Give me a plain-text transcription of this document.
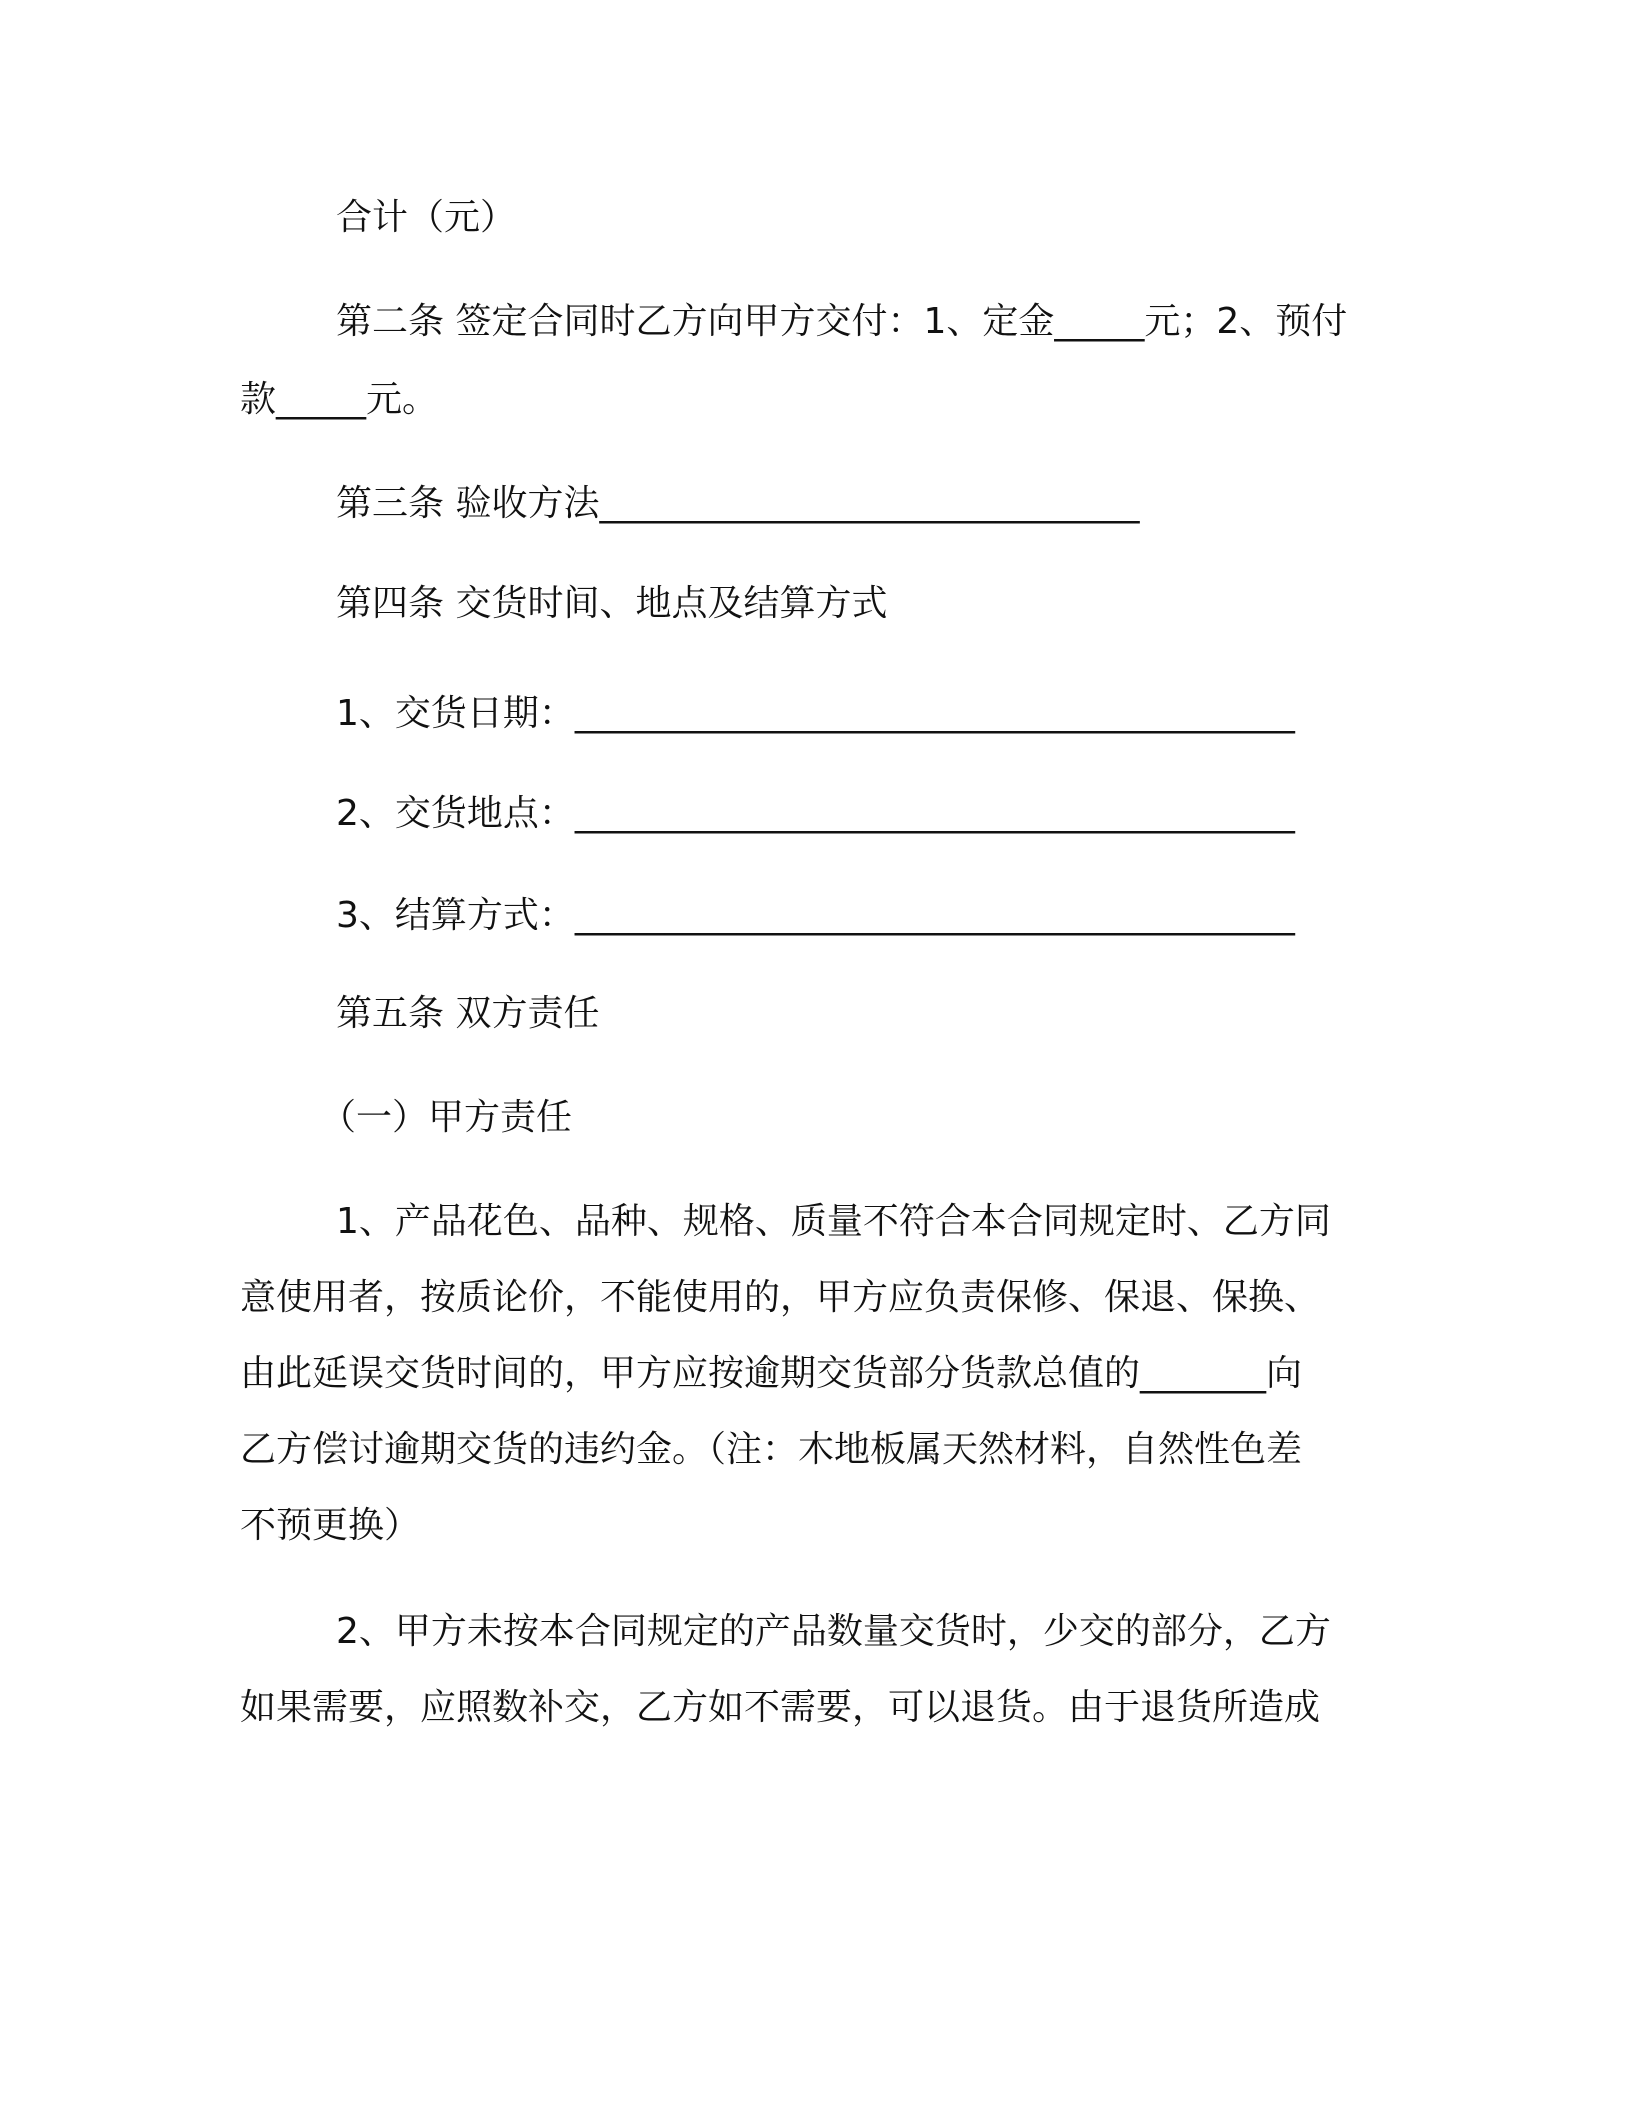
合计（元）
第二条 签定合同时乙方向甲方交付：1、定金_____元；2、预付
款_____元。
第三条 验收方法______________________________
第四条 交货时间、地点及结算方式
1、交货日期：________________________________________
2、交货地点：________________________________________
3、结算方式：________________________________________
第五条 双方责任
（一）甲方责任
1、产品花色、品种、规格、质量不符合本合同规定时、乙方同
意使用者，按质论价，不能使用的，甲方应负责保修、保退、保换、
由此延误交货时间的，甲方应按逾期交货部分货款总值的_______向
乙方偿讨逾期交货的违约金。（注：木地板属天然材料，自然性色差
不预更换）
2、甲方未按本合同规定的产品数量交货时，少交的部分，乙方
如果需要，应照数补交，乙方如不需要，可以退货。由于退货所造成
